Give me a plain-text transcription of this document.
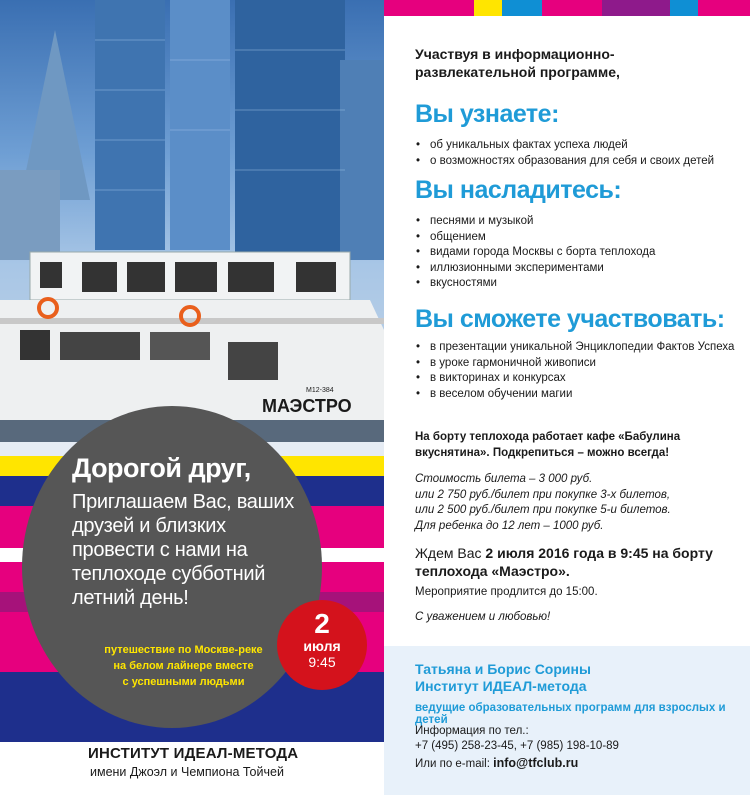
МАЭСТРО
М12-384
Дорогой друг,
Приглашаем Вас, ваших друзей и близких провести с нами на теплоходе субботний летний день!
путешествие по Москве-реке
на белом лайнере вместе
с успешными людьми
2
июля
9:45
ИНСТИТУТ ИДЕАЛ-МЕТОДА
имени Джоэл и Чемпиона Тойчей
Участвуя в информационно-
развлекательной программе,
Вы узнаете:
• об уникальных фактах успеха людей
• о возможностях образования для себя и своих детей
Вы насладитесь:
• песнями и музыкой
• общением
• видами города Москвы с борта теплохода
• иллюзионными экспериментами
• вкусностями
Вы сможете участвовать:
• в презентации уникальной Энциклопедии Фактов Успеха
• в уроке гармоничной живописи
• в викторинах и конкурсах
• в веселом обучении магии
На борту теплохода работает кафе «Бабулина
вкуснятина». Подкрепиться – можно всегда!
Стоимость билета – 3 000 руб.
или 2 750 руб./билет при покупке 3-х билетов,
или 2 500 руб./билет при покупке 5-и билетов.
Для ребенка до 12 лет – 1000 руб.
Ждем Вас 2 июля 2016 года в 9:45 на борту теплохода «Маэстро».
Мероприятие продлится до 15:00.
С уважением и любовью!
Татьяна и Борис Сорины
Институт ИДЕАЛ-метода
ведущие образовательных программ для взрослых и детей
Информация по тел.:
+7 (495) 258-23-45, +7 (985) 198-10-89
Или по e-mail: info@tfclub.ru
